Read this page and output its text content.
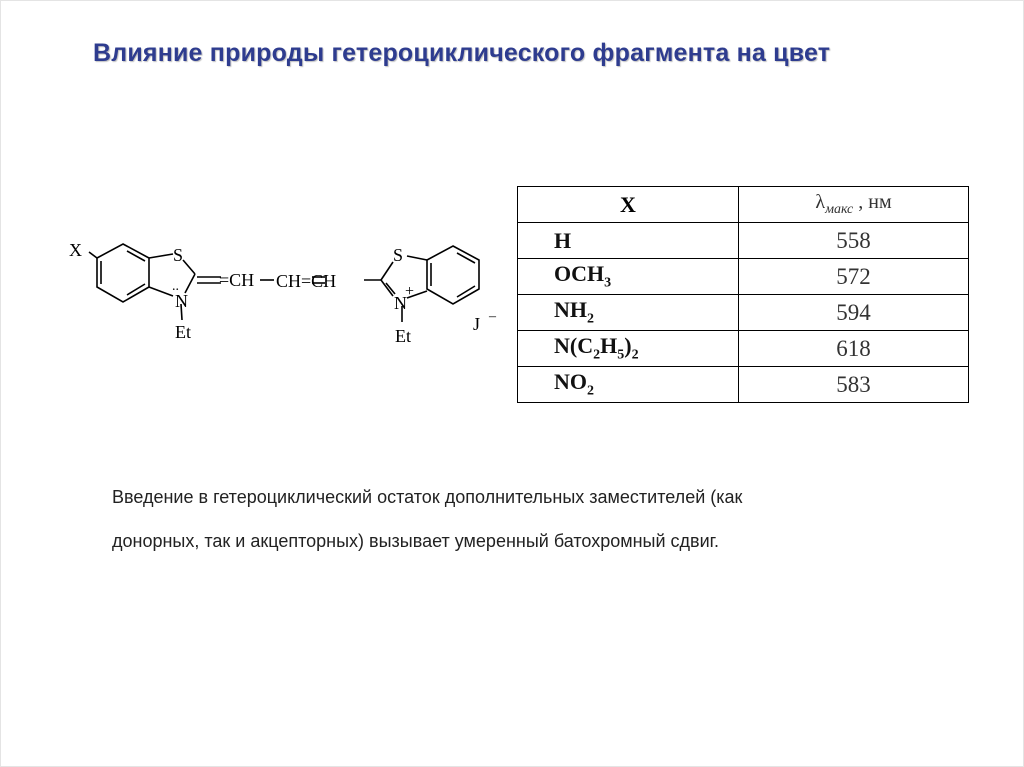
Влияние природы гетероциклического фрагмента на цвет
X	S
..
N
Et
=CH CH=CH
S
N
+
Et
J –
X	$\lambda_{макс}$ , нм
H	558
$OCH_3$	572
$NH_2$	594
$N(C_2H_5)_2$	618
$NO_2$	583
Введение в гетероциклический остаток дополнительных заместителей (как
донорных, так и акцепторных) вызывает умеренный батохромный сдвиг.
